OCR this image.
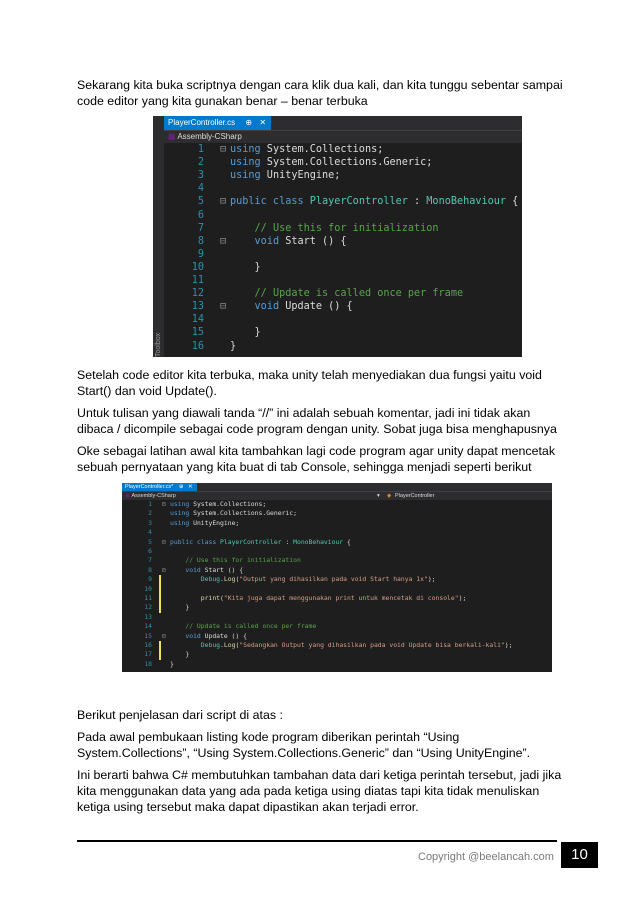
Sekarang kita buka scriptnya dengan cara klik dua kali, dan kita tunggu sebentar sampai code editor yang kita gunakan benar – benar terbuka

Toolbox
PlayerController.cs ⊕ ✕
▣ Assembly-CSharp
1 ⊟ using System.Collections;
2	using System.Collections.Generic;
3	using UnityEngine;
4
5 ⊟ public class PlayerController : MonoBehaviour {
6
7	// Use this for initialization
8 ⊟	void Start () {
9
10	}
11
12	// Update is called once per frame
13 ⊟	void Update () {
14
15	}
16	}

Setelah code editor kita terbuka, maka unity telah menyediakan dua fungsi yaitu void Start() dan void Update().

Untuk tulisan yang diawali tanda “//” ini adalah sebuah komentar, jadi ini tidak akan dibaca / dicompile sebagai code program dengan unity. Sobat juga bisa menghapusnya

Oke sebagai latihan awal kita tambahkan lagi code program agar unity dapat mencetak sebuah pernyataan yang kita buat di tab Console, sehingga menjadi seperti berikut

PlayerController.cs* ⊕ ✕
▣ Assembly-CSharp	▾ ◆ PlayerController
1 ⊟ using System.Collections;
2	using System.Collections.Generic;
3	using UnityEngine;
4
5 ⊟ public class PlayerController : MonoBehaviour {
6
7	// Use this for initialization
8 ⊟	void Start () {
9	Debug.Log("Output yang dihasilkan pada void Start hanya 1x");
10
11	print("Kita juga dapat menggunakan print untuk mencetak di console");
12	}
13
14	// Update is called once per frame
15 ⊟	void Update () {
16	Debug.Log("Sedangkan Output yang dihasilkan pada void Update bisa berkali-kali");
17	}
18	}

Berikut penjelasan dari script di atas :

Pada awal pembukaan listing kode program diberikan perintah “Using System.Collections”, “Using System.Collections.Generic” dan “Using UnityEngine”.

Ini berarti bahwa C# membutuhkan tambahan data dari ketiga perintah tersebut, jadi jika kita menggunakan data yang ada pada ketiga using diatas tapi kita tidak menuliskan ketiga using tersebut maka dapat dipastikan akan terjadi error.

Copyright @beelancah.com	10
